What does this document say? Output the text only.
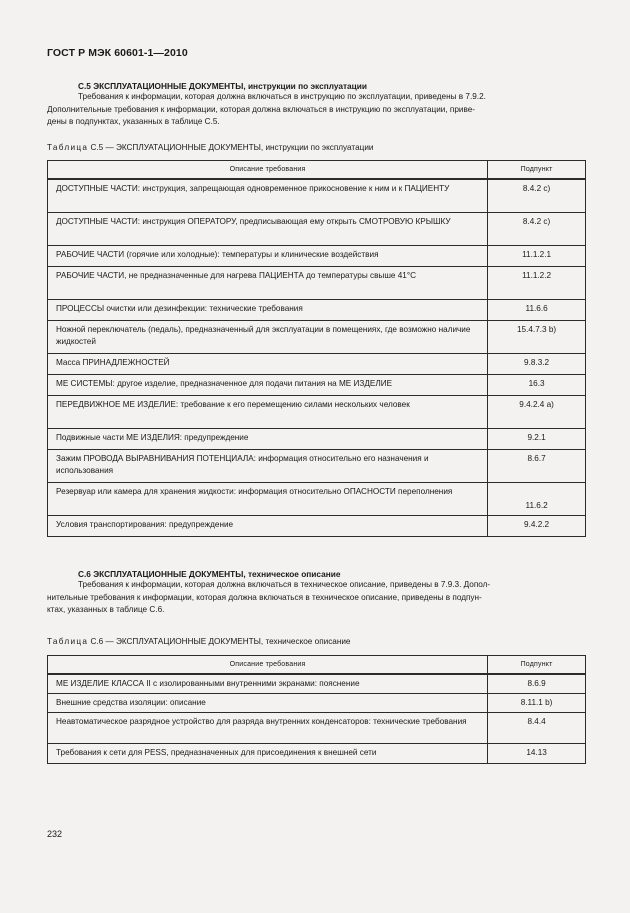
ГОСТ Р МЭК 60601-1—2010
С.5 ЭКСПЛУАТАЦИОННЫЕ ДОКУМЕНТЫ, инструкции по эксплуатации
Требования к информации, которая должна включаться в инструкцию по эксплуатации, приведены в 7.9.2.
Дополнительные требования к информации, которая должна включаться в инструкцию по эксплуатации, приве-
дены в подпунктах, указанных в таблице С.5.
Таблица С.5 — ЭКСПЛУАТАЦИОННЫЕ ДОКУМЕНТЫ, инструкции по эксплуатации
Описание требования	Подпункт
ДОСТУПНЫЕ ЧАСТИ: инструкция, запрещающая одновременное прикосновение к ним и к ПАЦИЕНТУ	8.4.2 c)
ДОСТУПНЫЕ ЧАСТИ: инструкция ОПЕРАТОРУ, предписывающая ему открыть СМОТРОВУЮ КРЫШКУ	8.4.2 c)
РАБОЧИЕ ЧАСТИ (горячие или холодные): температуры и клинические воздействия	11.1.2.1
РАБОЧИЕ ЧАСТИ, не предназначенные для нагрева ПАЦИЕНТА до температуры свыше 41°С	11.1.2.2
ПРОЦЕССЫ очистки или дезинфекции: технические требования	11.6.6
Ножной переключатель (педаль), предназначенный для эксплуатации в помещениях, где возможно наличие жидкостей	15.4.7.3 b)
Масса ПРИНАДЛЕЖНОСТЕЙ	9.8.3.2
МЕ СИСТЕМЫ: другое изделие, предназначенное для подачи питания на МЕ ИЗДЕЛИЕ	16.3
ПЕРЕДВИЖНОЕ МЕ ИЗДЕЛИЕ: требование к его перемещению силами нескольких человек	9.4.2.4 a)
Подвижные части МЕ ИЗДЕЛИЯ: предупреждение	9.2.1
Зажим ПРОВОДА ВЫРАВНИВАНИЯ ПОТЕНЦИАЛА: информация относительно его назначения и использования	8.6.7
Резервуар или камера для хранения жидкости: информация относительно ОПАСНОСТИ переполнения	11.6.2
Условия транспортирования: предупреждение	9.4.2.2
С.6 ЭКСПЛУАТАЦИОННЫЕ ДОКУМЕНТЫ, техническое описание
Требования к информации, которая должна включаться в техническое описание, приведены в 7.9.3. Допол-
нительные требования к информации, которая должна включаться в техническое описание, приведены в подпун-
ктах, указанных в таблице С.6.
Таблица С.6 — ЭКСПЛУАТАЦИОННЫЕ ДОКУМЕНТЫ, техническое описание
Описание требования	Подпункт
МЕ ИЗДЕЛИЕ КЛАССА II с изолированными внутренними экранами: пояснение	8.6.9
Внешние средства изоляции: описание	8.11.1 b)
Неавтоматическое разрядное устройство для разряда внутренних конденсаторов: технические требования	8.4.4
Требования к сети для PESS, предназначенных для присоединения к внешней сети	14.13
232
